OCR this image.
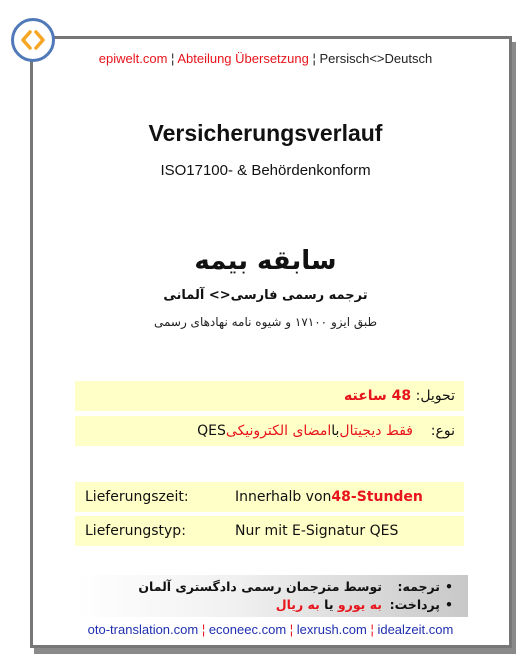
epiwelt.com ¦ Abteilung Übersetzung ¦ Persisch<>Deutsch
Versicherungsverlauf
ISO17100- & Behördenkonform
سابقه بیمه
ترجمه رسمی فارسی<> آلمانی
طبق ایزو ۱۷۱۰۰ و شیوه نامه نهادهای رسمی
تحویل:

48 ساعته
نوع:

فقط دیجیتال
با
امضای الکترونیکی
QES
Lieferungszeit:	Innerhalb von 48-Stunden
Lieferungstyp:	Nur mit E-Signatur QES
•ترجمه:توسط مترجمان رسمی دادگستری آلمان
•پرداخت:به یورو یا به ریال
oto-translation.com ¦ econeec.com ¦ lexrush.com ¦ idealzeit.com
